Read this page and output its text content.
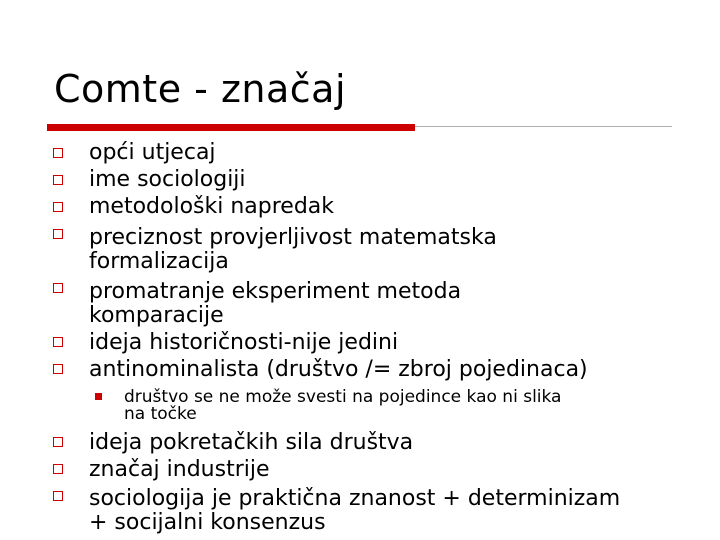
Comte - značaj
opći utjecaj
ime sociologiji
metodološki napredak
preciznost provjerljivost matematska
formalizacija
promatranje eksperiment metoda
komparacije
ideja historičnosti-nije jedini
antinominalista (društvo /= zbroj pojedinaca)
društvo se ne može svesti na pojedince kao ni slika
na točke
ideja pokretačkih sila društva
značaj industrije
sociologija je praktična znanost + determinizam
+ socijalni konsenzus
